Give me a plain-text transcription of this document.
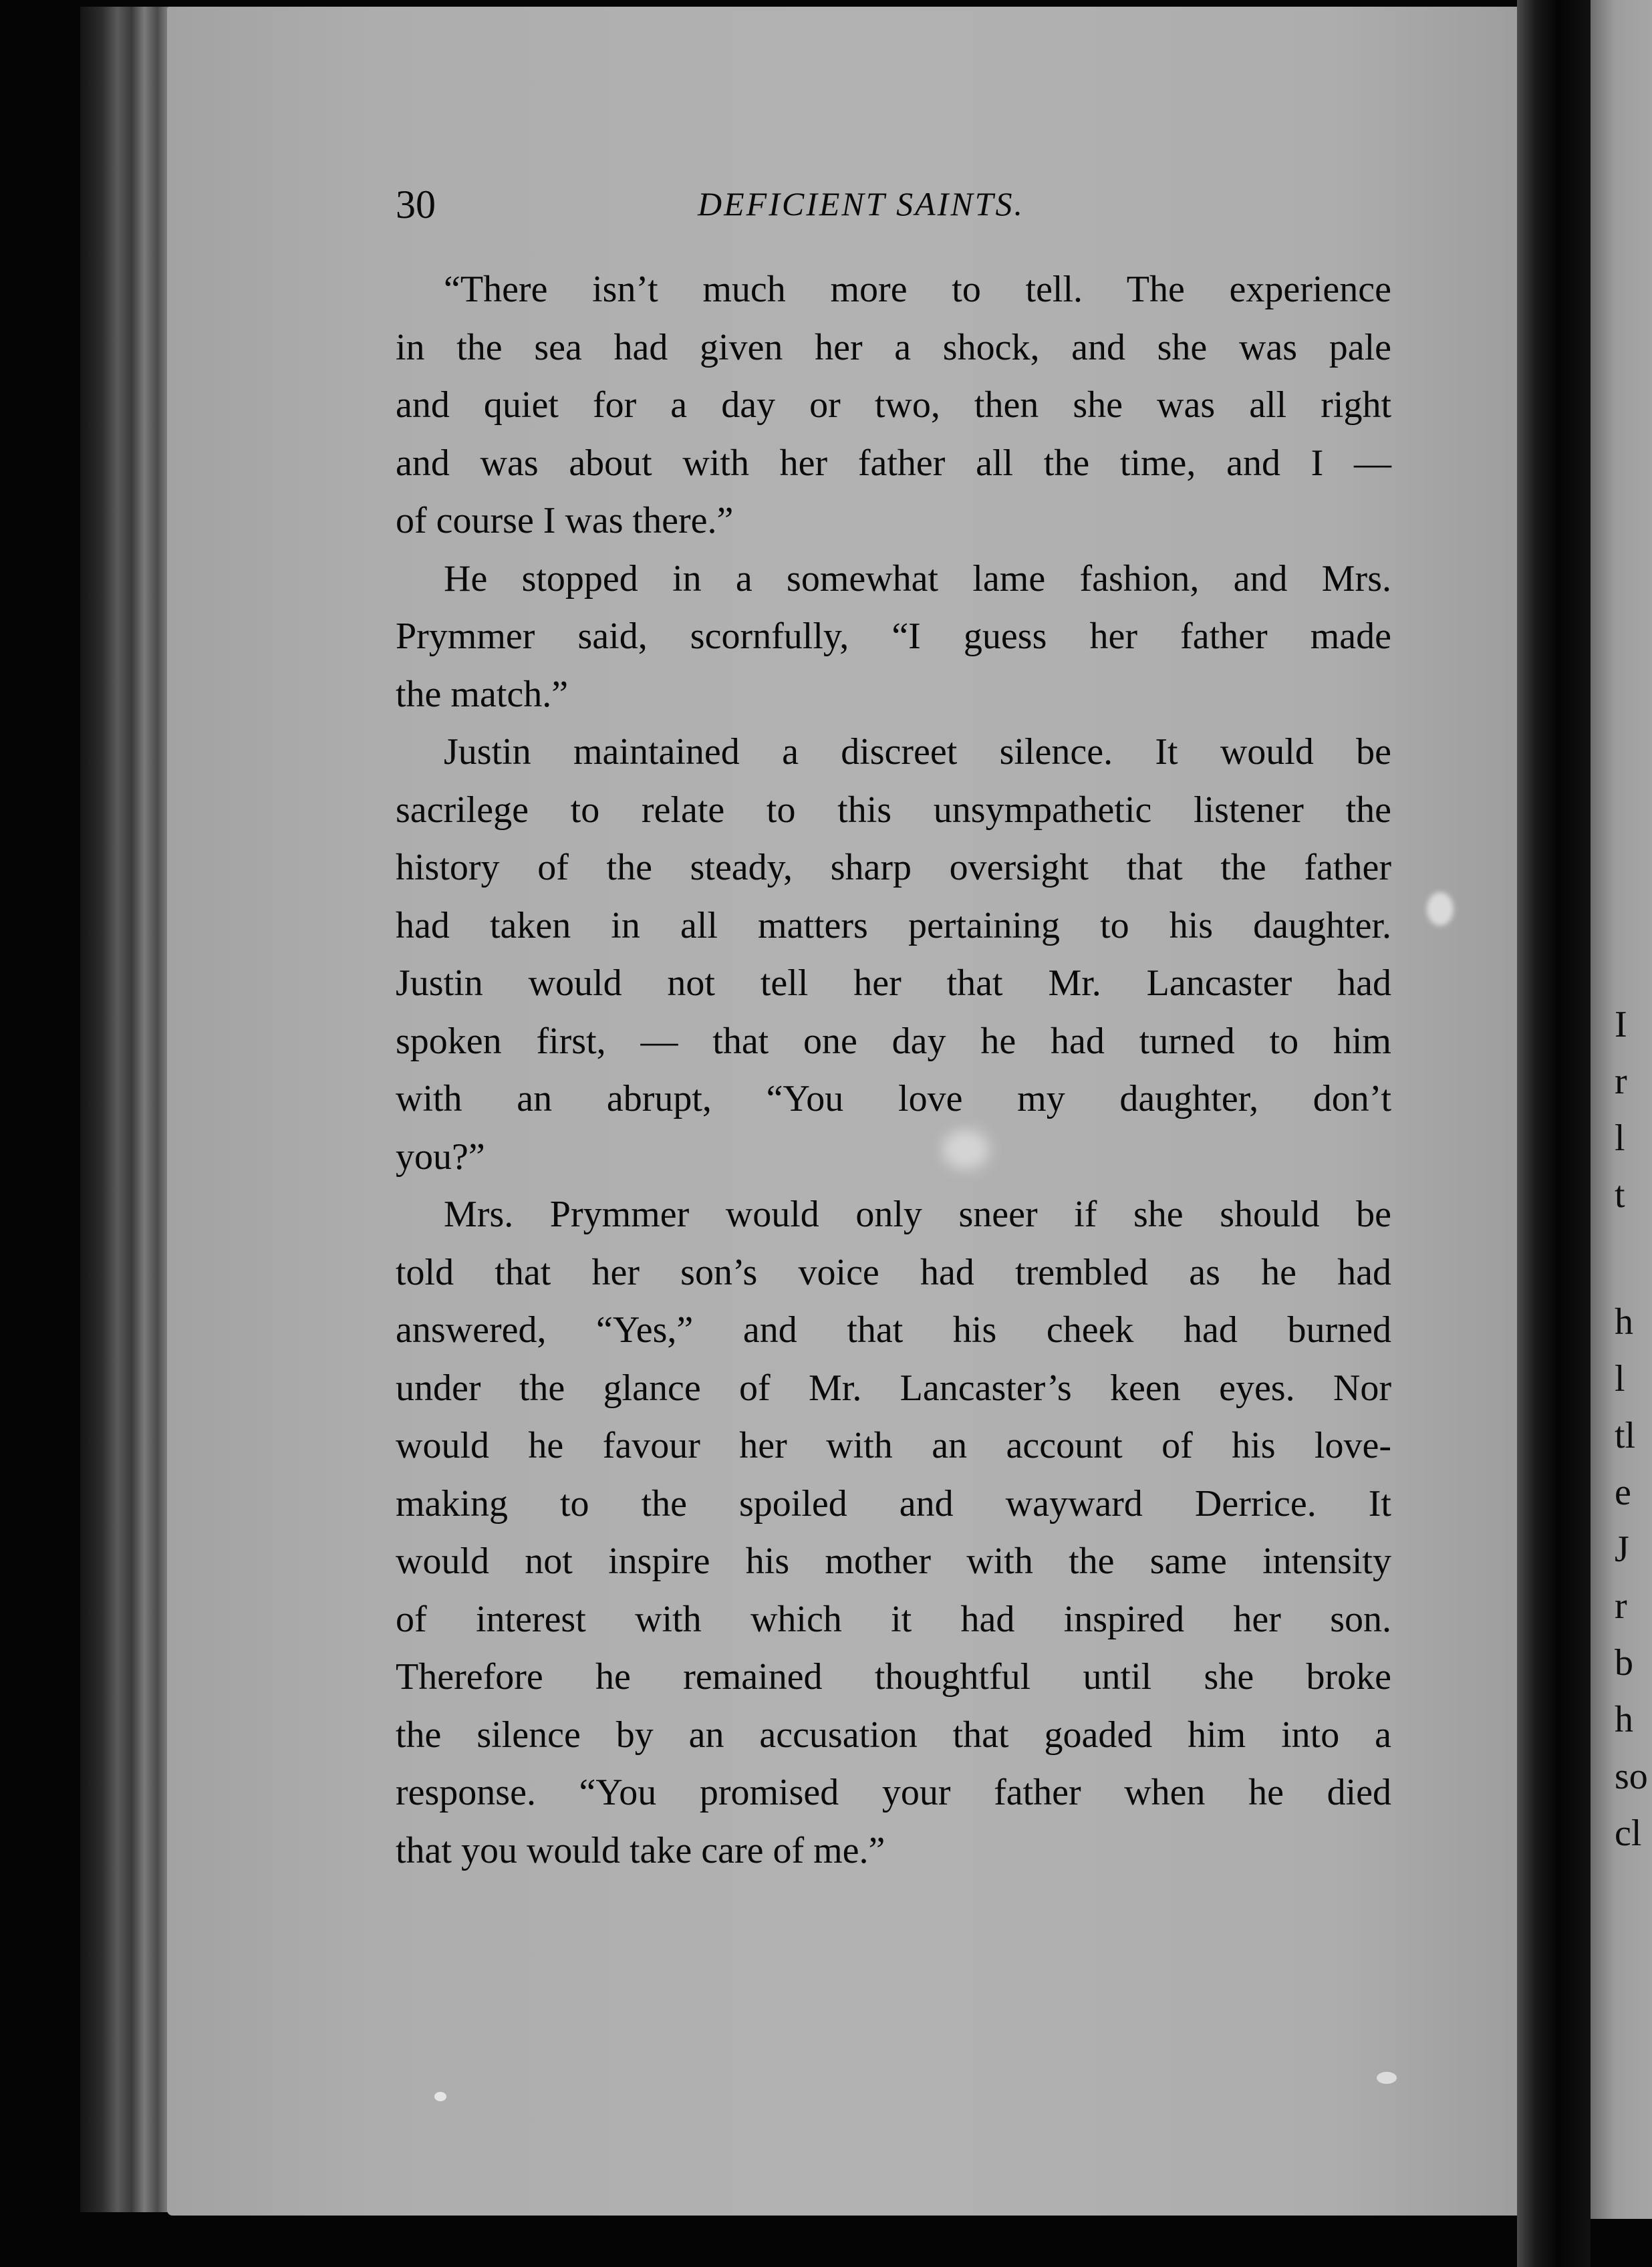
I
r
l
t
h
l
tl
e
J
r
b
h
so
cl
30	DEFICIENT SAINTS.
“There isn’t much more to tell. The experience
in the sea had given her a shock, and she was pale
and quiet for a day or two, then she was all right
and was about with her father all the time, and I —
of course I was there.”
He stopped in a somewhat lame fashion, and Mrs.
Prymmer said, scornfully, “I guess her father made
the match.”
Justin maintained a discreet silence. It would be
sacrilege to relate to this unsympathetic listener the
history of the steady, sharp oversight that the father
had taken in all matters pertaining to his daughter.
Justin would not tell her that Mr. Lancaster had
spoken first, — that one day he had turned to him
with an abrupt, “You love my daughter, don’t
you?”
Mrs. Prymmer would only sneer if she should be
told that her son’s voice had trembled as he had
answered, “Yes,” and that his cheek had burned
under the glance of Mr. Lancaster’s keen eyes. Nor
would he favour her with an account of his love-
making to the spoiled and wayward Derrice. It
would not inspire his mother with the same intensity
of interest with which it had inspired her son.
Therefore he remained thoughtful until she broke
the silence by an accusation that goaded him into a
response. “You promised your father when he died
that you would take care of me.”
